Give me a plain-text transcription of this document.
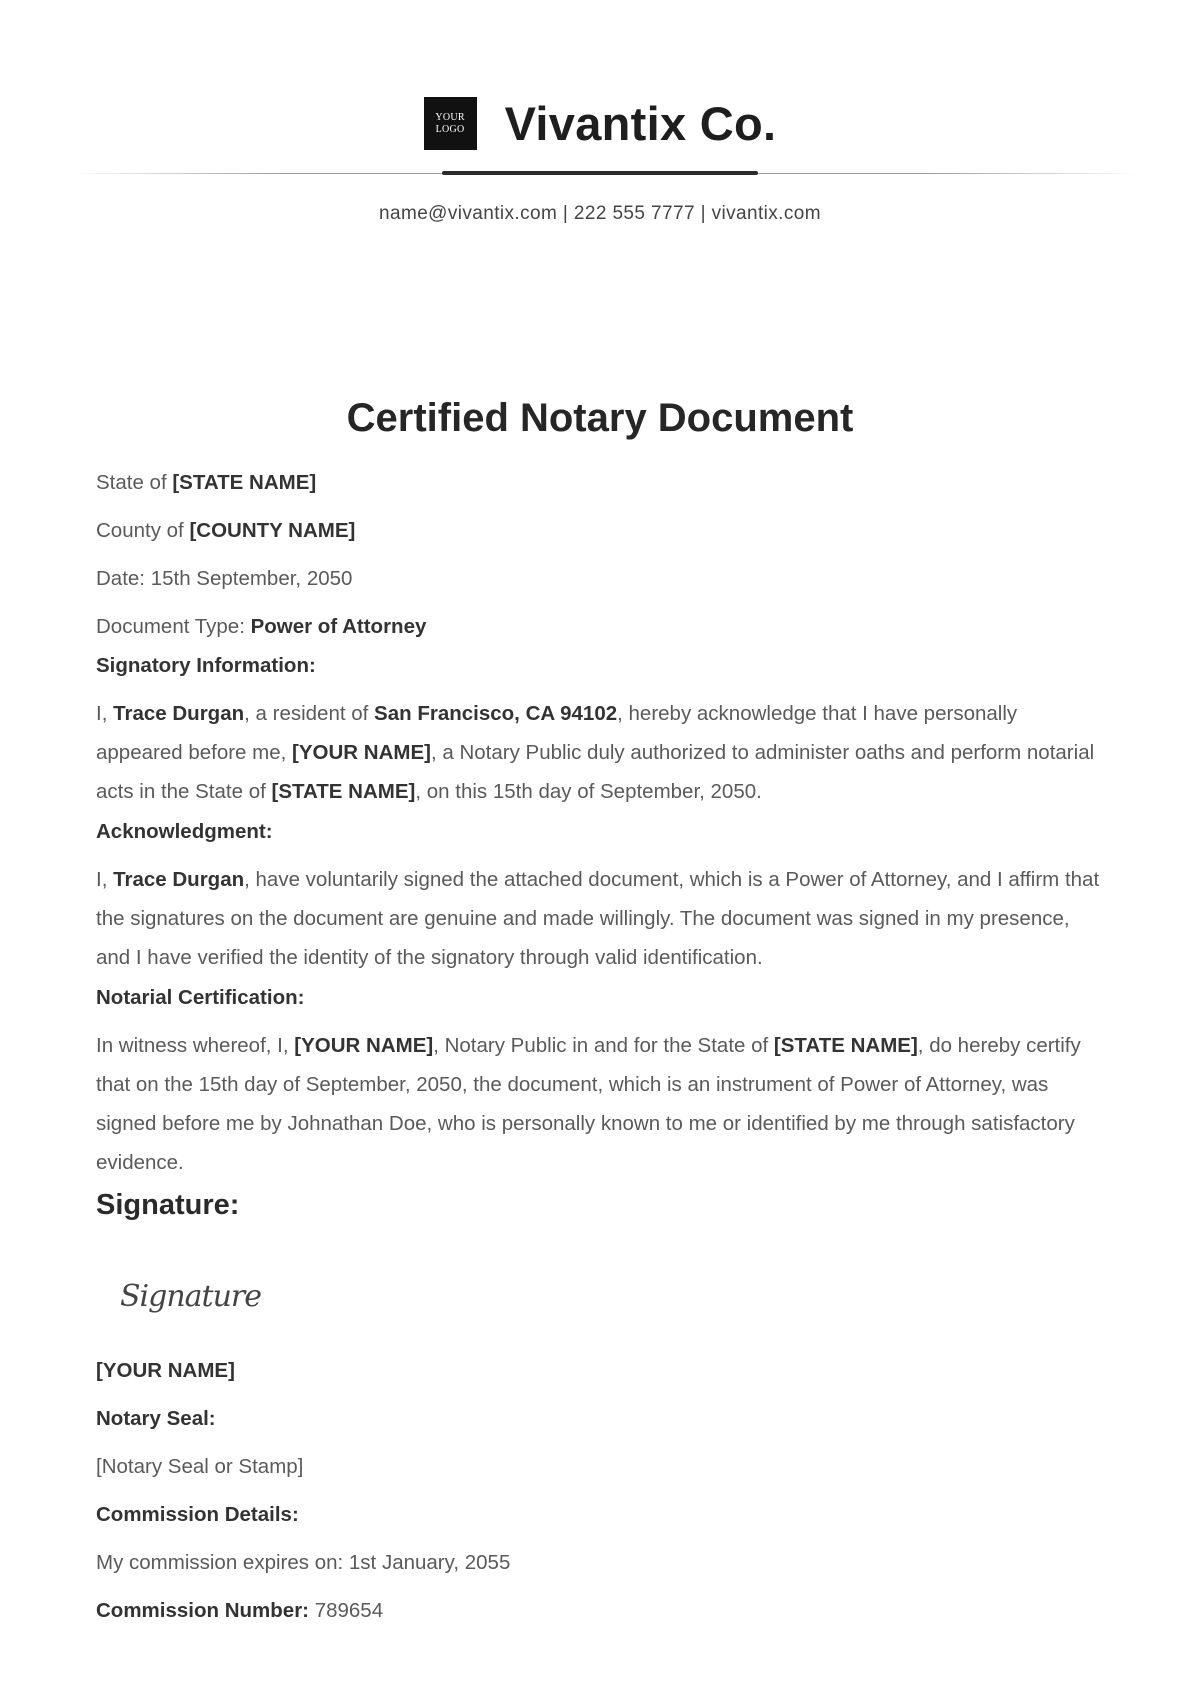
YOUR
LOGO Vivantix Co.
name@vivantix.com | 222 555 7777 | vivantix.com
Certified Notary Document

State of [STATE NAME]

County of [COUNTY NAME]

Date: 15th September, 2050

Document Type: Power of Attorney

Signatory Information:

I, Trace Durgan, a resident of San Francisco, CA 94102, hereby acknowledge that I have personally appeared before me, [YOUR NAME], a Notary Public duly authorized to administer oaths and perform notarial acts in the State of [STATE NAME], on this 15th day of September, 2050.

Acknowledgment:

I, Trace Durgan, have voluntarily signed the attached document, which is a Power of Attorney, and I affirm that the signatures on the document are genuine and made willingly. The document was signed in my presence, and I have verified the identity of the signatory through valid identification.

Notarial Certification:

In witness whereof, I, [YOUR NAME], Notary Public in and for the State of [STATE NAME], do hereby certify that on the 15th day of September, 2050, the document, which is an instrument of Power of Attorney, was signed before me by Johnathan Doe, who is personally known to me or identified by me through satisfactory evidence.

Signature:

Signature

[YOUR NAME]

Notary Seal:

[Notary Seal or Stamp]

Commission Details:

My commission expires on: 1st January, 2055

Commission Number: 789654
